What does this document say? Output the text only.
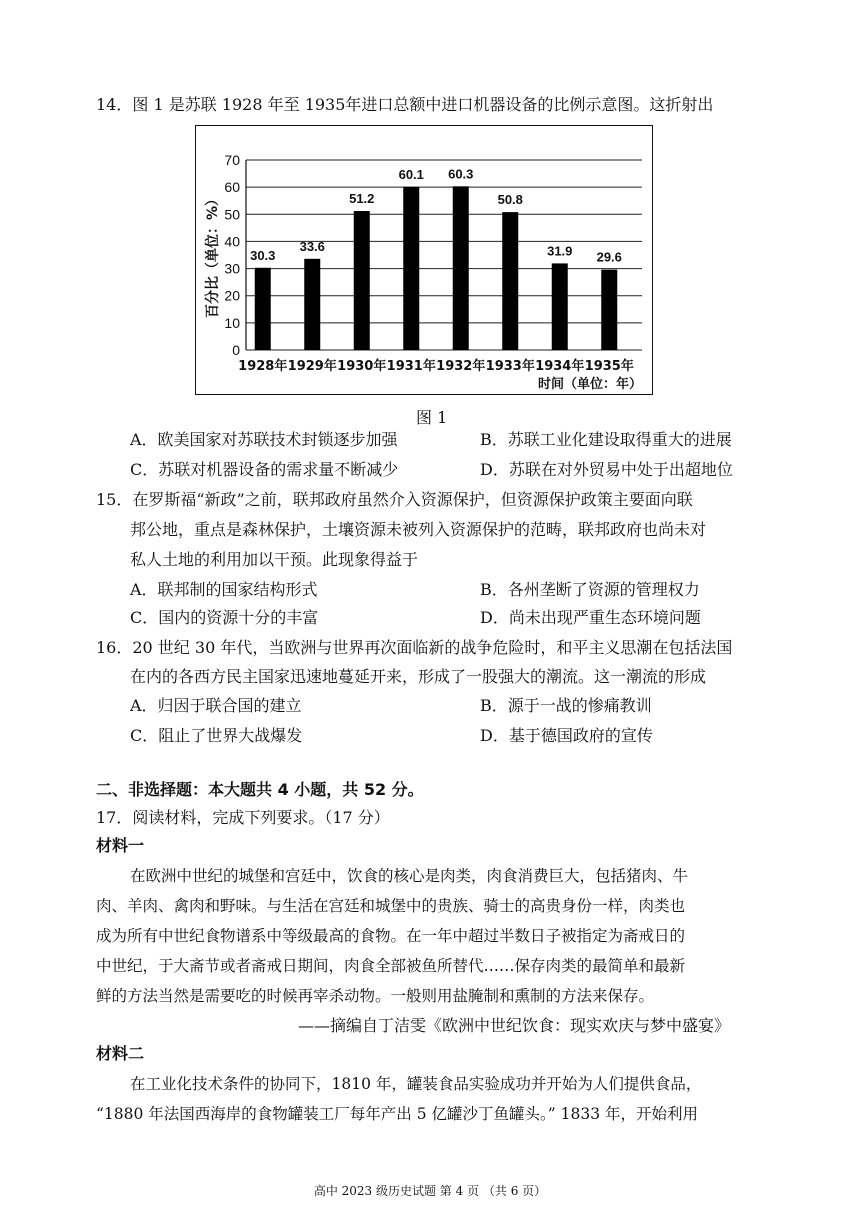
14．图 1 是苏联 1928 年至 1935年进口总额中进口机器设备的比例示意图。这折射出
0
10
20
30
40
50
60
70
百分比（单位：%） 30.3
1928年
33.6
1929年
51.2
1930年
60.1
1931年
60.3
1932年
50.8
1933年
31.9
1934年
29.6
1935年
时间（单位：年）
图 1
A．欧美国家对苏联技术封锁逐步加强	B．苏联工业化建设取得重大的进展
C．苏联对机器设备的需求量不断减少	D．苏联在对外贸易中处于出超地位
15．在罗斯福“新政”之前，联邦政府虽然介入资源保护，但资源保护政策主要面向联
邦公地，重点是森林保护，土壤资源未被列入资源保护的范畴，联邦政府也尚未对
私人土地的利用加以干预。此现象得益于
A．联邦制的国家结构形式	B．各州垄断了资源的管理权力
C．国内的资源十分的丰富	D．尚未出现严重生态环境问题
16．20 世纪 30 年代，当欧洲与世界再次面临新的战争危险时，和平主义思潮在包括法国
在内的各西方民主国家迅速地蔓延开来，形成了一股强大的潮流。这一潮流的形成
A．归因于联合国的建立	B．源于一战的惨痛教训
C．阻止了世界大战爆发	D．基于德国政府的宣传
二、非选择题：本大题共 4 小题，共 52 分。
17．阅读材料，完成下列要求。（17 分）
材料一
在欧洲中世纪的城堡和宫廷中，饮食的核心是肉类，肉食消费巨大，包括猪肉、牛
肉、羊肉、禽肉和野味。与生活在宫廷和城堡中的贵族、骑士的高贵身份一样，肉类也
成为所有中世纪食物谱系中等级最高的食物。在一年中超过半数日子被指定为斋戒日的
中世纪，于大斋节或者斋戒日期间，肉食全部被鱼所替代……保存肉类的最简单和最新
鲜的方法当然是需要吃的时候再宰杀动物。一般则用盐腌制和熏制的方法来保存。
——摘编自丁洁雯《欧洲中世纪饮食：现实欢庆与梦中盛宴》
材料二
在工业化技术条件的协同下，1810 年，罐装食品实验成功并开始为人们提供食品，
“1880 年法国西海岸的食物罐装工厂每年产出 5 亿罐沙丁鱼罐头。” 1833 年，开始利用
高中 2023 级历史试题 第 4 页 （共 6 页）
